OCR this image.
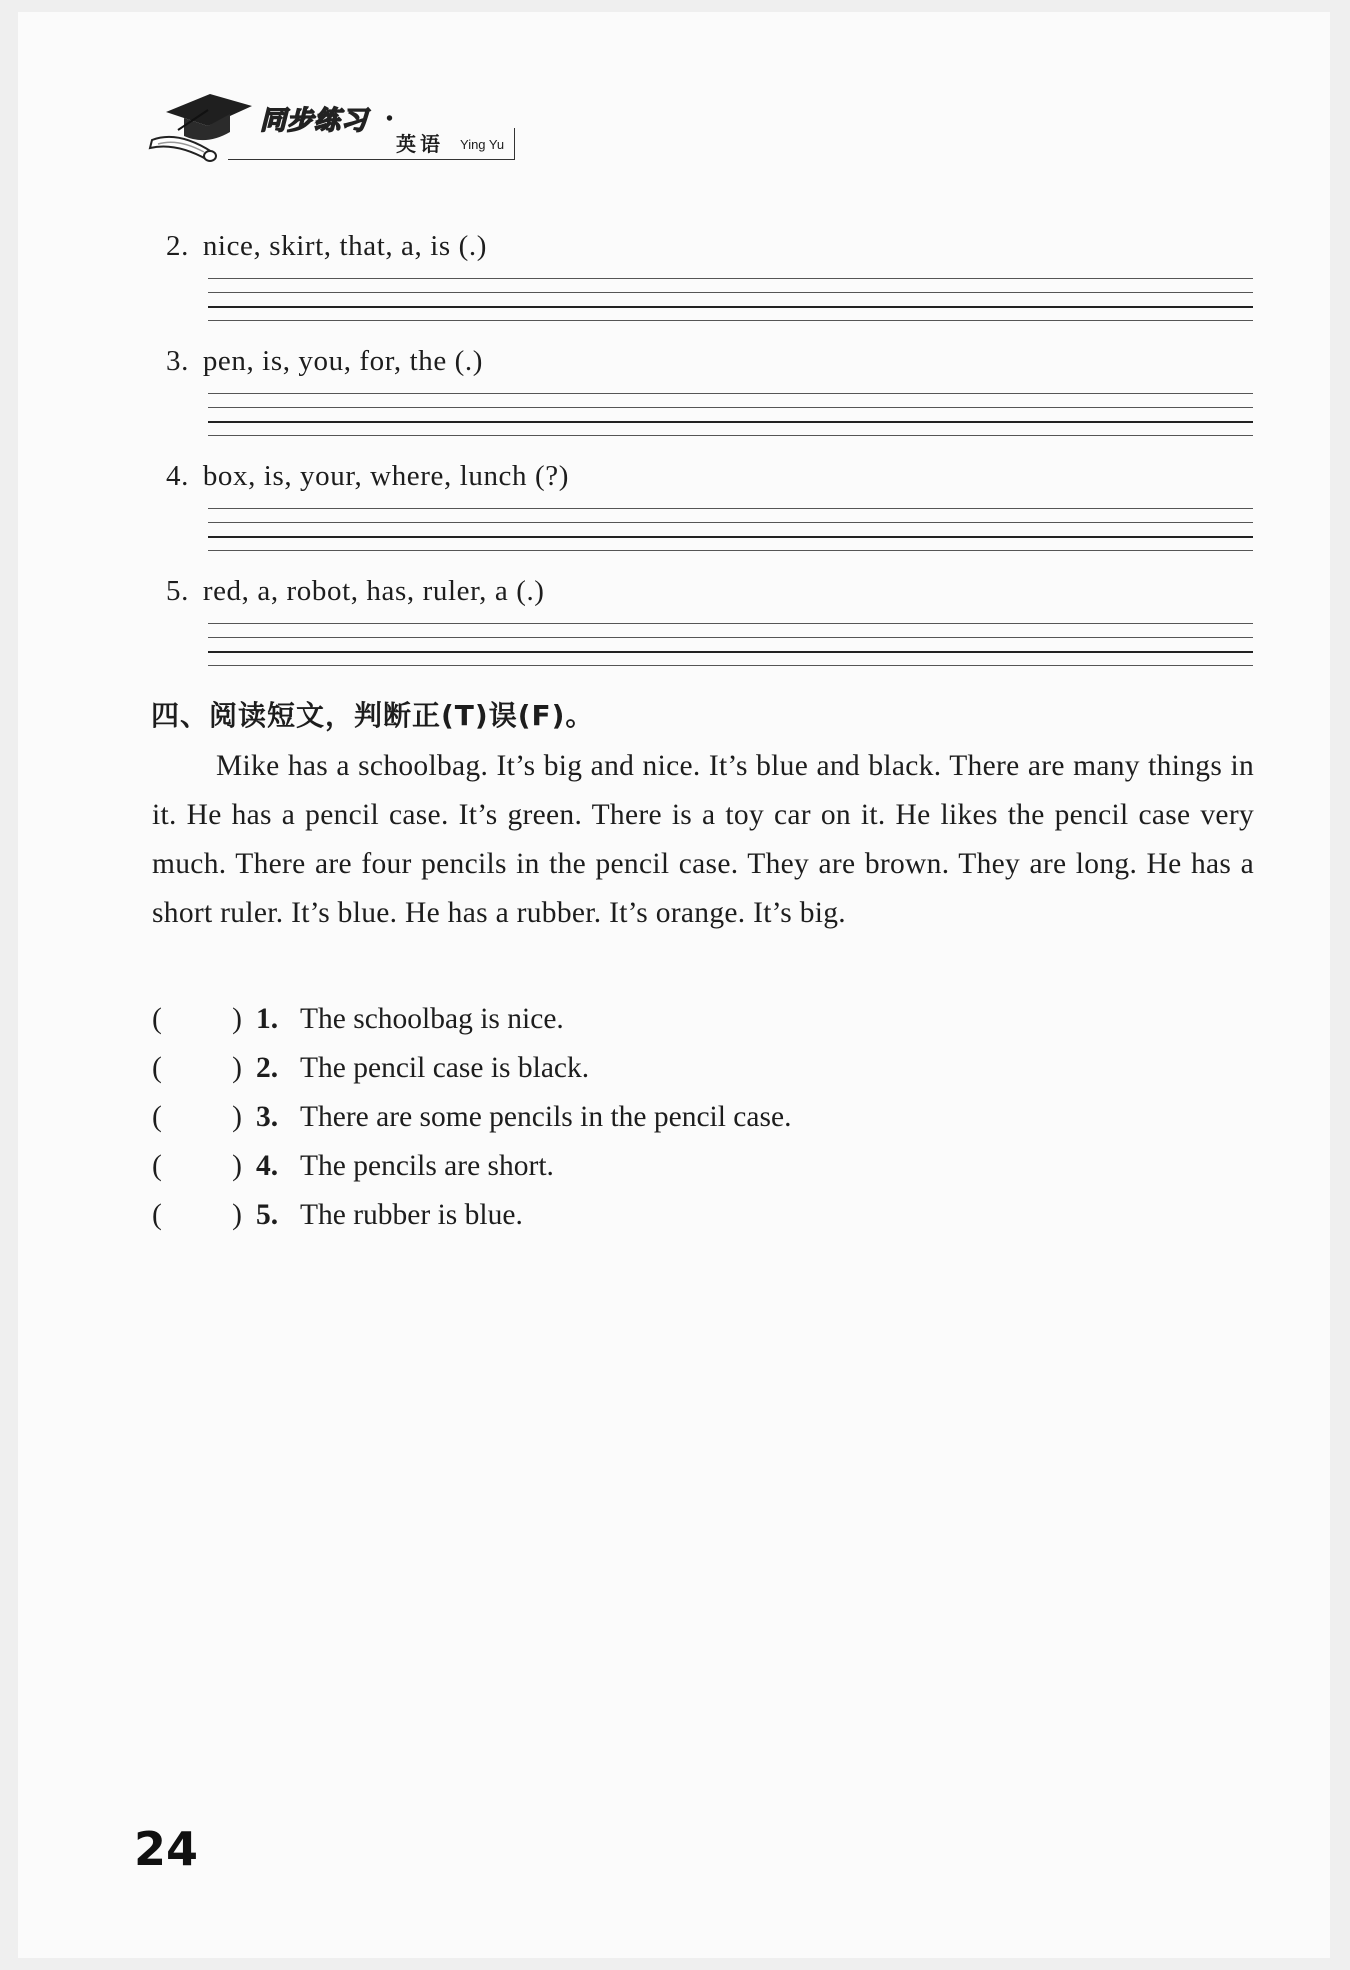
同步练习 •
英语 Ying Yu
2. nice, skirt, that, a, is (.)
3. pen, is, you, for, the (.)
4. box, is, your, where, lunch (?)
5. red, a, robot, has, ruler, a (.)
四、阅读短文，判断正(T)误(F)。
Mike has a schoolbag. It’s big and nice. It’s blue and black. There are many things in it. He has a pencil case. It’s green. There is a toy car on it. He likes the pencil case very much. There are four pencils in the pencil case. They are brown. They are long. He has a short ruler. It’s blue. He has a rubber. It’s orange. It’s big.
( ) 1. The schoolbag is nice.
( ) 2. The pencil case is black.
( ) 3. There are some pencils in the pencil case.
( ) 4. The pencils are short.
( ) 5. The rubber is blue.
24
